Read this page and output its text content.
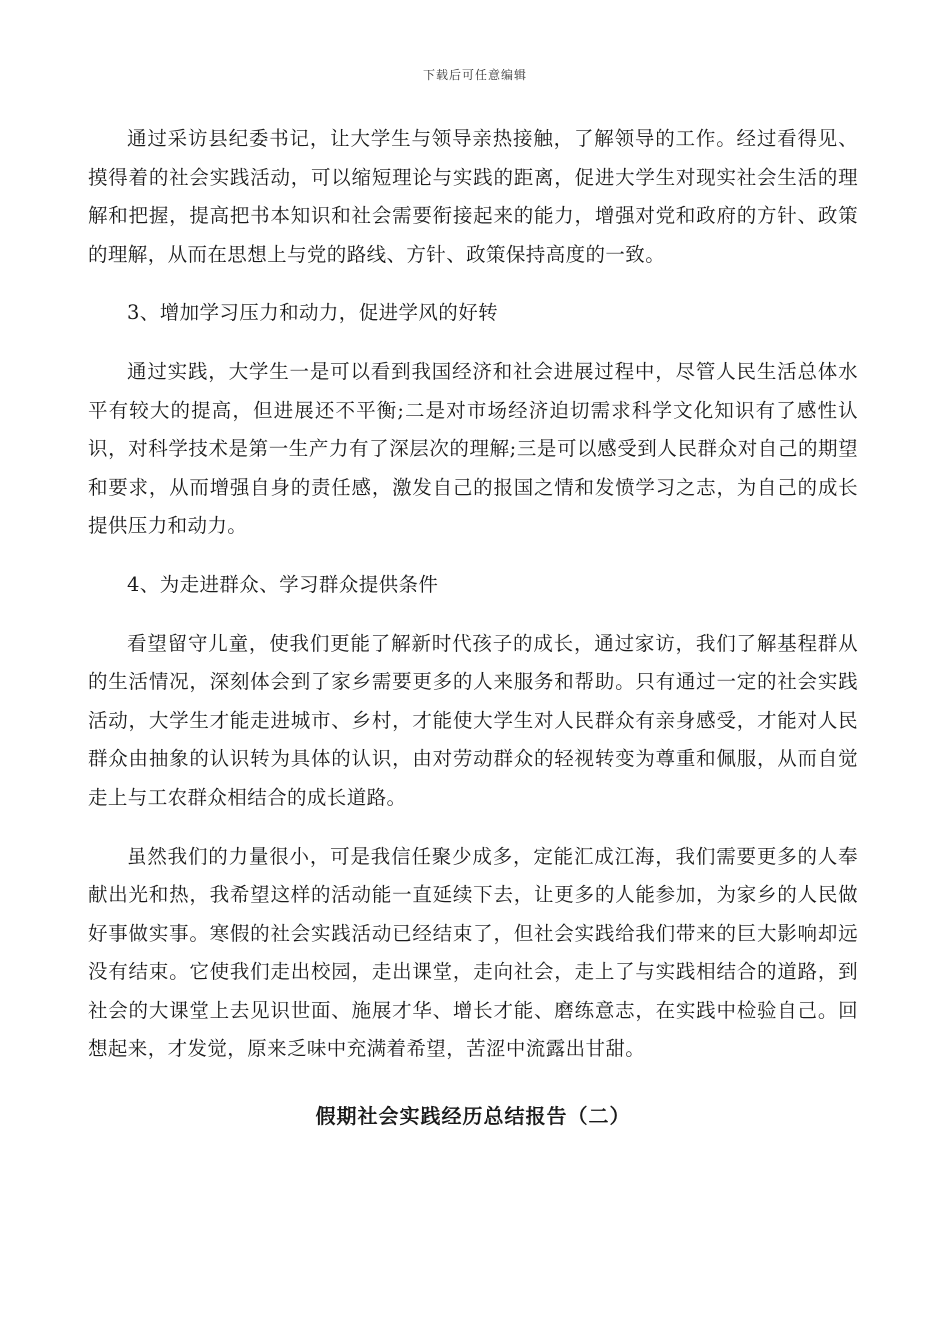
下载后可任意编辑

通过采访县纪委书记，让大学生与领导亲热接触，了解领导的工作。经过看得见、摸得着的社会实践活动，可以缩短理论与实践的距离，促进大学生对现实社会生活的理解和把握，提高把书本知识和社会需要衔接起来的能力，增强对党和政府的方针、政策的理解，从而在思想上与党的路线、方针、政策保持高度的一致。

3、增加学习压力和动力，促进学风的好转

通过实践，大学生一是可以看到我国经济和社会进展过程中，尽管人民生活总体水平有较大的提高，但进展还不平衡;二是对市场经济迫切需求科学文化知识有了感性认识，对科学技术是第一生产力有了深层次的理解;三是可以感受到人民群众对自己的期望和要求，从而增强自身的责任感，激发自己的报国之情和发愤学习之志，为自己的成长提供压力和动力。

4、为走进群众、学习群众提供条件

看望留守儿童，使我们更能了解新时代孩子的成长，通过家访，我们了解基程群从的生活情况，深刻体会到了家乡需要更多的人来服务和帮助。只有通过一定的社会实践活动，大学生才能走进城市、乡村，才能使大学生对人民群众有亲身感受，才能对人民群众由抽象的认识转为具体的认识，由对劳动群众的轻视转变为尊重和佩服，从而自觉走上与工农群众相结合的成长道路。

虽然我们的力量很小，可是我信任聚少成多，定能汇成江海，我们需要更多的人奉献出光和热，我希望这样的活动能一直延续下去，让更多的人能参加，为家乡的人民做好事做实事。寒假的社会实践活动已经结束了，但社会实践给我们带来的巨大影响却远没有结束。它使我们走出校园，走出课堂，走向社会，走上了与实践相结合的道路，到社会的大课堂上去见识世面、施展才华、增长才能、磨练意志，在实践中检验自己。回想起来，才发觉，原来乏味中充满着希望，苦涩中流露出甘甜。

假期社会实践经历总结报告（二）
